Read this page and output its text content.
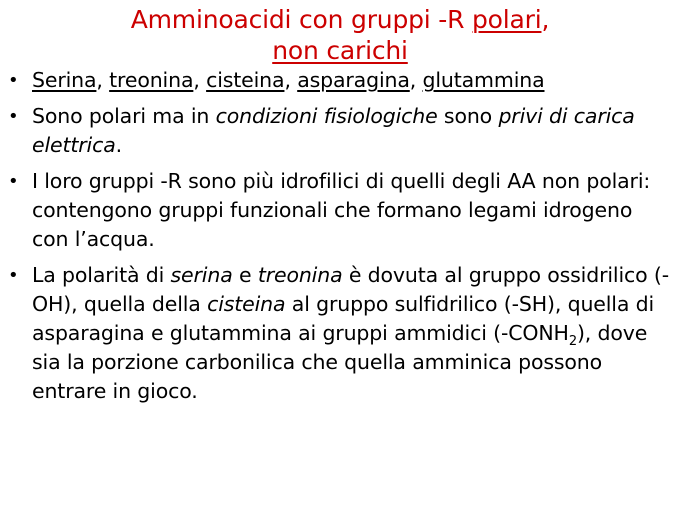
Amminoacidi con gruppi -R polari,
non carichi
• Serina, treonina, cisteina, asparagina, glutammina
• Sono polari ma in condizioni fisiologiche sono privi di carica elettrica.
• I loro gruppi -R sono più idrofilici di quelli degli AA non polari: contengono gruppi funzionali che formano legami idrogeno con l’acqua.
• La polarità di serina e treonina è dovuta al gruppo ossidrilico (-OH), quella della cisteina al gruppo sulfidrilico (-SH), quella di asparagina e glutammina ai gruppi ammidici $(-CONH_2)$, dove sia la porzione carbonilica che quella amminica possono entrare in gioco.
